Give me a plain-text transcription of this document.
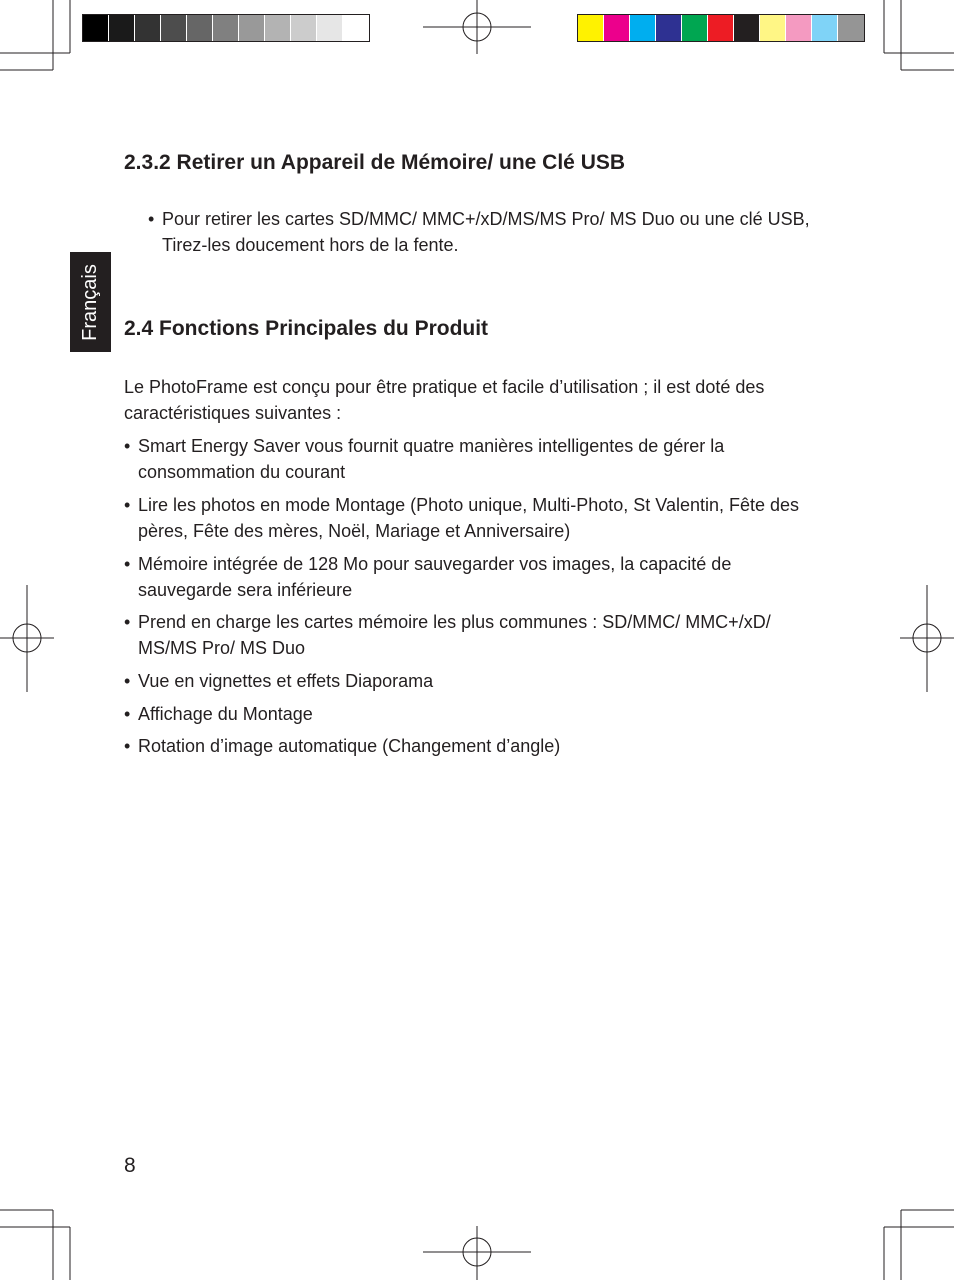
Français
2.3.2 Retirer un Appareil de Mémoire/ une Clé USB
• Pour retirer les cartes SD/MMC/ MMC+/xD/MS/MS Pro/ MS Duo ou une clé USB, Tirez-les doucement hors de la fente.
2.4 Fonctions Principales du Produit

Le PhotoFrame est conçu pour être pratique et facile d’utilisation ; il est doté des caractéristiques suivantes :

• Smart Energy Saver vous fournit quatre manières intelligentes de gérer la consommation du courant
• Lire les photos en mode Montage (Photo unique, Multi-Photo, St Valentin, Fête des pères, Fête des mères, Noël, Mariage et Anniversaire)
• Mémoire intégrée de 128 Mo pour sauvegarder vos images, la capacité de sauvegarde sera inférieure
• Prend en charge les cartes mémoire les plus communes : SD/MMC/ MMC+/xD/ MS/MS Pro/ MS Duo
• Vue en vignettes et effets Diaporama
• Affichage du Montage
• Rotation d’image automatique (Changement d’angle)
8
